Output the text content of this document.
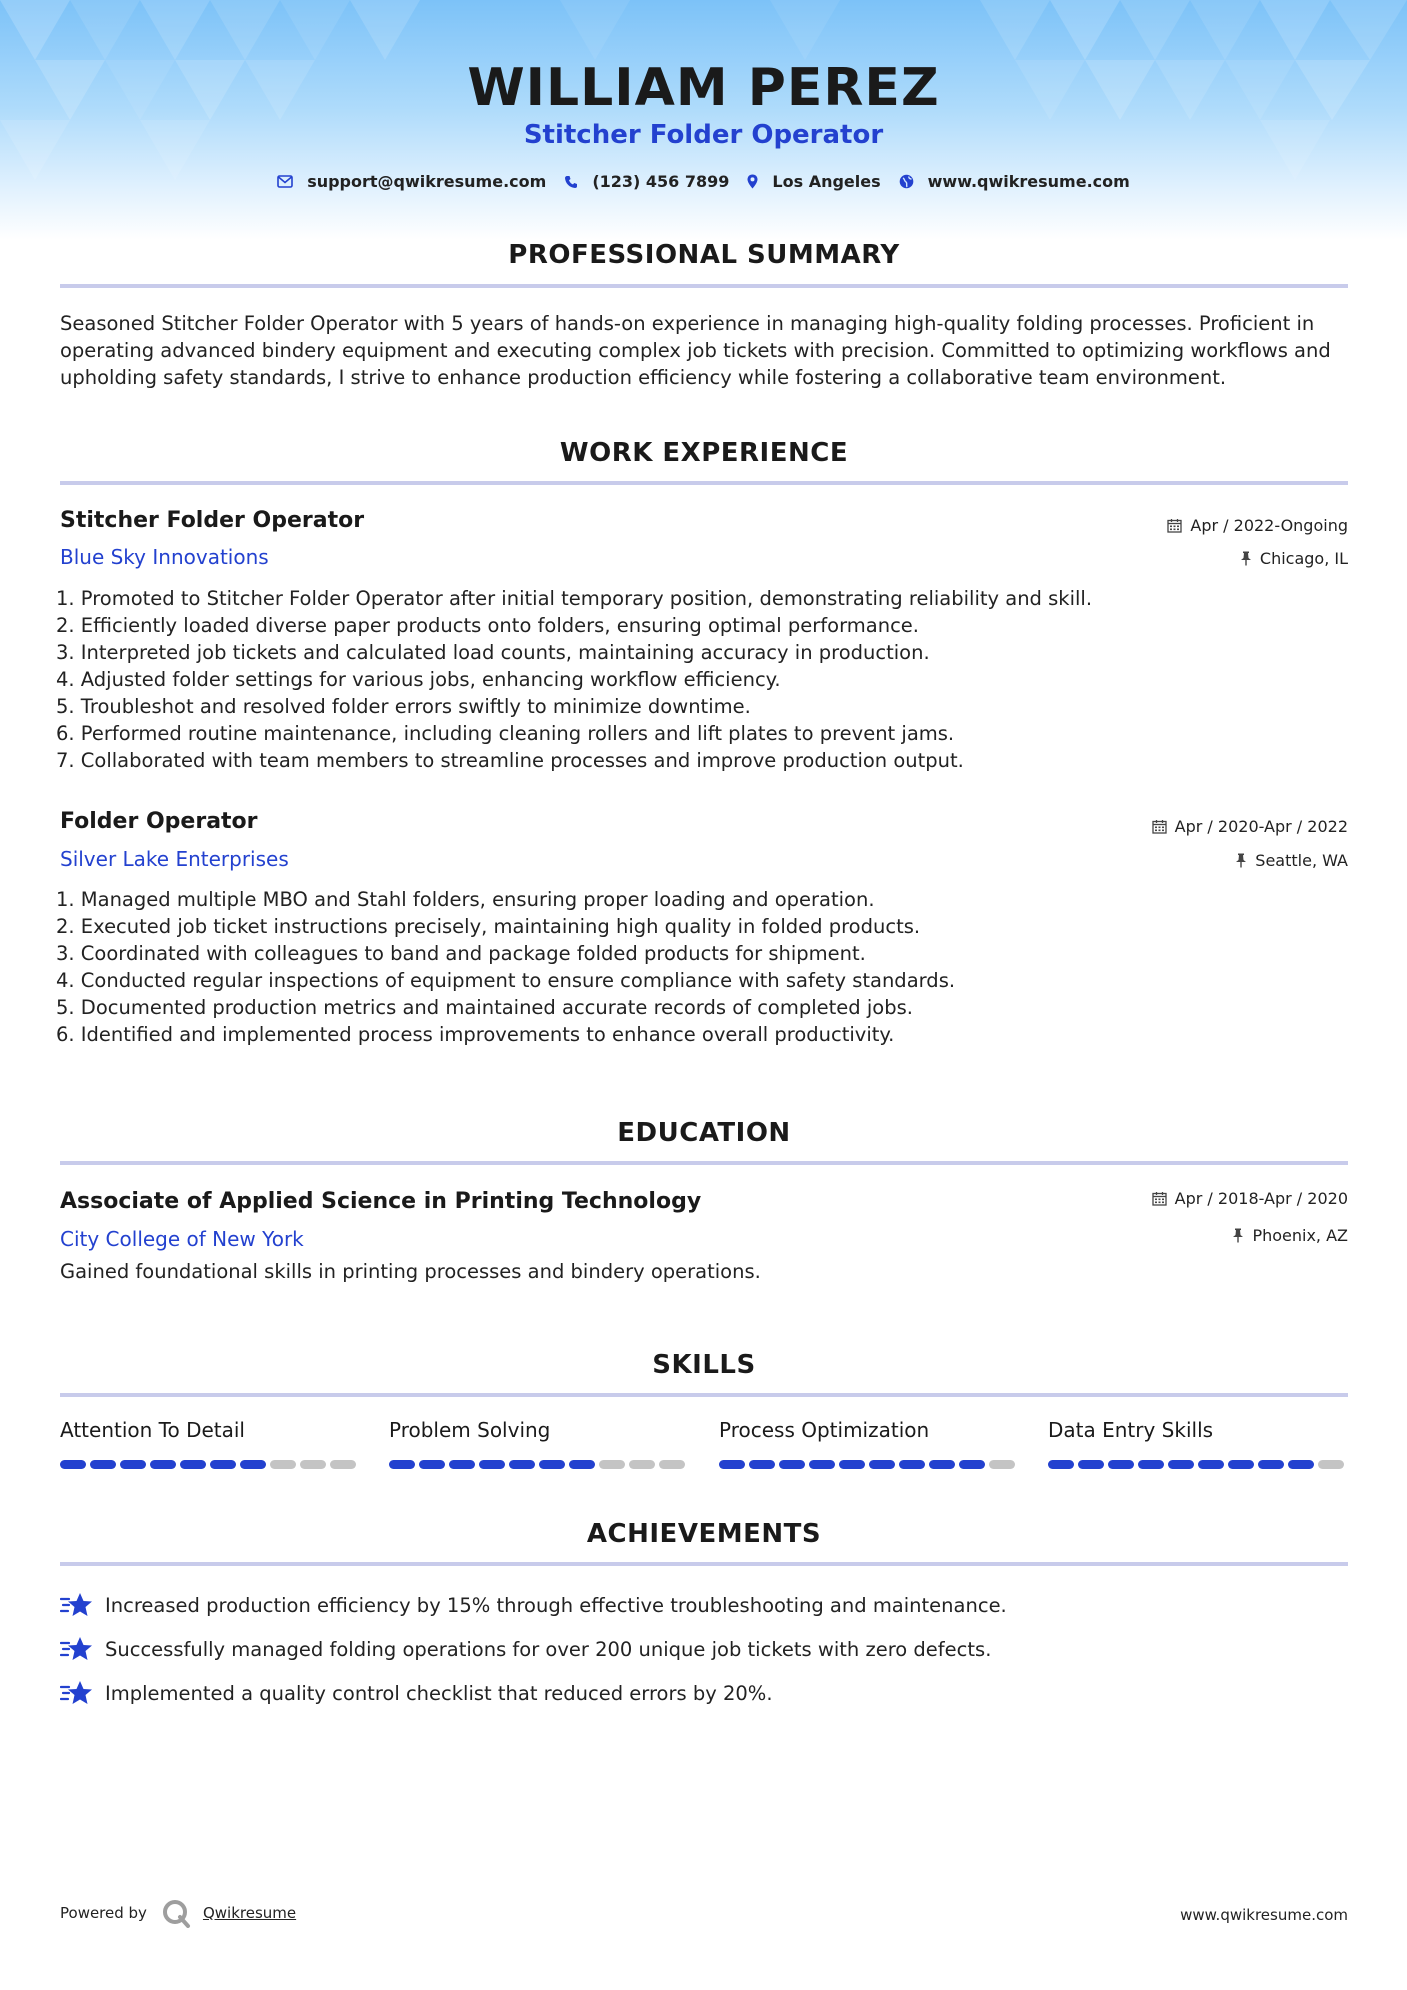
WILLIAM PEREZ
Stitcher Folder Operator
support@qwikresume.com	(123) 456 7899	Los Angeles	www.qwikresume.com
PROFESSIONAL SUMMARY
Seasoned Stitcher Folder Operator with 5 years of hands-on experience in managing high-quality folding processes. Proficient in operating advanced bindery equipment and executing complex job tickets with precision. Committed to optimizing workflows and upholding safety standards, I strive to enhance production efficiency while fostering a collaborative team environment.
WORK EXPERIENCE
Stitcher Folder Operator
Blue Sky Innovations
Apr / 2022-Ongoing
Chicago, IL
1. Promoted to Stitcher Folder Operator after initial temporary position, demonstrating reliability and skill.
2. Efficiently loaded diverse paper products onto folders, ensuring optimal performance.
3. Interpreted job tickets and calculated load counts, maintaining accuracy in production.
4. Adjusted folder settings for various jobs, enhancing workflow efficiency.
5. Troubleshot and resolved folder errors swiftly to minimize downtime.
6. Performed routine maintenance, including cleaning rollers and lift plates to prevent jams.
7. Collaborated with team members to streamline processes and improve production output.
Folder Operator
Silver Lake Enterprises
Apr / 2020-Apr / 2022
Seattle, WA
1. Managed multiple MBO and Stahl folders, ensuring proper loading and operation.
2. Executed job ticket instructions precisely, maintaining high quality in folded products.
3. Coordinated with colleagues to band and package folded products for shipment.
4. Conducted regular inspections of equipment to ensure compliance with safety standards.
5. Documented production metrics and maintained accurate records of completed jobs.
6. Identified and implemented process improvements to enhance overall productivity.
EDUCATION
Associate of Applied Science in Printing Technology
City College of New York
Apr / 2018-Apr / 2020
Phoenix, AZ
Gained foundational skills in printing processes and bindery operations.
SKILLS
Attention To Detail	Problem Solving	Process Optimization	Data Entry Skills
ACHIEVEMENTS
Increased production efficiency by 15% through effective troubleshooting and maintenance.
Successfully managed folding operations for over 200 unique job tickets with zero defects.
Implemented a quality control checklist that reduced errors by 20%.
Powered by	Qwikresume	www.qwikresume.com
